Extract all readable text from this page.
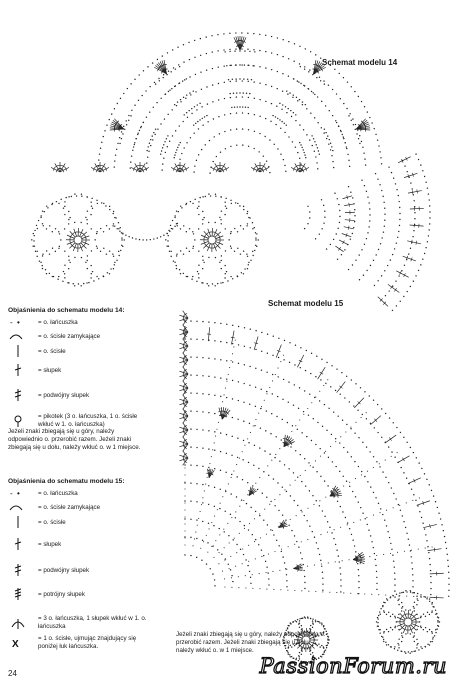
Schemat modelu 14
Schemat modelu 15
Objaśnienia do schematu modelu 14:
- •	= o. łańcuszka
= o. ścisłe zamykające
= o. ścisłe
= słupek
= podwójny słupek
= pikotek (3 o. łańcuszka, 1 o. ścisłe wkłuć w 1. o. łańcuszka)
Jeżeli znaki zbiegają się u góry, należy odpowiednio o. przerobić razem. Jeżeli znaki zbiegają się u dołu, należy wkłuć o. w 1 miejsce.
Objaśnienia do schematu modelu 15:
- •	= o. łańcuszka
= o. ścisłe zamykające
= o. ścisłe
= słupek
= podwójny słupek
= potrójny słupek
= 3 o. łańcuszka, 1 słupek wkłuć w 1. o. łańcuszka
X
= 1 o. ścisłe, ujmując znajdujący się poniżej łuk łańcuszka.
Jeżeli znaki zbiegają się u góry, należy odpowiednio o. przerobić razem. Jeżeli znaki zbiegają się u dołu, należy wkłuć o. w 1 miejsce.
24	PassionForum.ru
